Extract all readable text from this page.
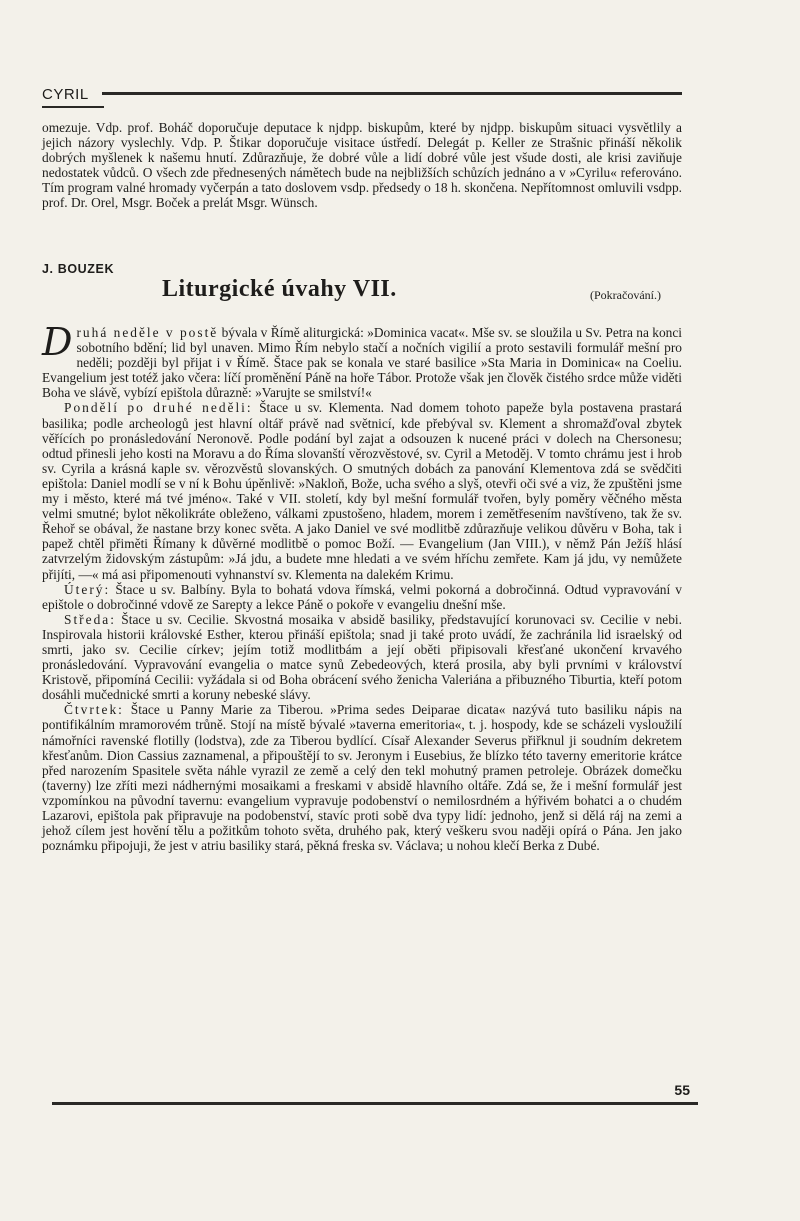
CYRIL

omezuje. Vdp. prof. Boháč doporučuje deputace k njdpp. biskupům, které by njdpp. biskupům situaci vysvětlily a jejich názory vyslechly. Vdp. P. Štikar doporučuje visitace ústředí. Delegát p. Keller ze Strašnic přináší několik dobrých myšlenek k našemu hnutí. Zdůrazňuje, že dobré vůle a lidí dobré vůle jest všude dosti, ale krisi zaviňuje nedostatek vůdců. O všech zde přednesených námětech bude na nejbližších schůzích jednáno a v »Cyrilu« referováno. Tím program valné hromady vyčerpán a tato doslovem vsdp. předsedy o 18 h. skončena. Nepřítomnost omluvili vsdpp. prof. Dr. Orel, Msgr. Boček a prelát Msgr. Wünsch.

J. BOUZEK
Liturgické úvahy VII.	(Pokračování.)

Druhá neděle v postě bývala v Římě aliturgická: »Dominica vacat«. Mše sv. se sloužila u Sv. Petra na konci sobotního bdění; lid byl unaven. Mimo Řím nebylo stačí a nočních vigilií a proto sestavili formulář mešní pro neděli; později byl přijat i v Římě. Štace pak se konala ve staré basilice »Sta Maria in Dominica« na Coeliu. Evangelium jest totéž jako včera: líčí proměnění Páně na hoře Tábor. Protože však jen člověk čistého srdce může viděti Boha ve slávě, vybízí epištola důrazně: »Varujte se smilství!«

Pondělí po druhé neděli: Štace u sv. Klementa. Nad domem tohoto papeže byla postavena prastará basilika; podle archeologů jest hlavní oltář právě nad světnicí, kde přebýval sv. Klement a shromažďoval zbytek věřících po pronásledování Neronově. Podle podání byl zajat a odsouzen k nucené práci v dolech na Chersonesu; odtud přinesli jeho kosti na Moravu a do Říma slovanští věrozvěstové, sv. Cyril a Metoděj. V tomto chrámu jest i hrob sv. Cyrila a krásná kaple sv. věrozvěstů slovanských. O smutných dobách za panování Klementova zdá se svědčiti epištola: Daniel modlí se v ní k Bohu úpěnlivě: »Nakloň, Bože, ucha svého a slyš, otevři oči své a viz, že zpuštěni jsme my i město, které má tvé jméno«. Také v VII. století, kdy byl mešní formulář tvořen, byly poměry věčného města velmi smutné; bylot několikráte obleženo, válkami zpustošeno, hladem, morem i zemětřesením navštíveno, tak že sv. Řehoř se obával, že nastane brzy konec světa. A jako Daniel ve své modlitbě zdůrazňuje velikou důvěru v Boha, tak i papež chtěl přiměti Římany k důvěrné modlitbě o pomoc Boží. — Evangelium (Jan VIII.), v němž Pán Ježíš hlásí zatvrzelým židovským zástupům: »Já jdu, a budete mne hledati a ve svém hříchu zemřete. Kam já jdu, vy nemůžete přijíti, —« má asi připomenouti vyhnanství sv. Klementa na dalekém Krimu.

Úterý: Štace u sv. Balbíny. Byla to bohatá vdova římská, velmi pokorná a dobročinná. Odtud vypravování v epištole o dobročinné vdově ze Sarepty a lekce Páně o pokoře v evangeliu dnešní mše.

Středa: Štace u sv. Cecilie. Skvostná mosaika v absidě basiliky, představující korunovaci sv. Cecilie v nebi. Inspirovala historii královské Esther, kterou přináší epištola; snad ji také proto uvádí, že zachránila lid israelský od smrti, jako sv. Cecilie církev; jejím totiž modlitbám a její oběti připisovali křesťané ukončení krvavého pronásledování. Vypravování evangelia o matce synů Zebedeových, která prosila, aby byli prvními v království Kristově, připomíná Cecilii: vyžádala si od Boha obrácení svého ženicha Valeriána a přibuzného Tiburtia, kteří potom dosáhli mučednické smrti a koruny nebeské slávy.

Čtvrtek: Štace u Panny Marie za Tiberou. »Prima sedes Deiparae dicata« nazývá tuto basiliku nápis na pontifikálním mramorovém trůně. Stojí na místě bývalé »taverna emeritoria«, t. j. hospody, kde se scházeli vysloužilí námořníci ravenské flotilly (lodstva), zde za Tiberou bydlící. Císař Alexander Severus přiřknul ji soudním dekretem křesťanům. Dion Cassius zaznamenal, a připouštějí to sv. Jeronym i Eusebius, že blízko této taverny emeritorie krátce před narozením Spasitele světa náhle vyrazil ze země a celý den tekl mohutný pramen petroleje. Obrázek domečku (taverny) lze zříti mezi nádhernými mosaikami a freskami v absidě hlavního oltáře. Zdá se, že i mešní formulář jest vzpomínkou na původní tavernu: evangelium vypravuje podobenství o nemilosrdném a hýřivém bohatci a o chudém Lazarovi, epištola pak připravuje na podobenství, stavíc proti sobě dva typy lidí: jednoho, jenž si dělá ráj na zemi a jehož cílem jest hovění tělu a požitkům tohoto světa, druhého pak, který veškeru svou naději opírá o Pána. Jen jako poznámku připojuji, že jest v atriu basiliky stará, pěkná freska sv. Václava; u nohou klečí Berka z Dubé.

55
